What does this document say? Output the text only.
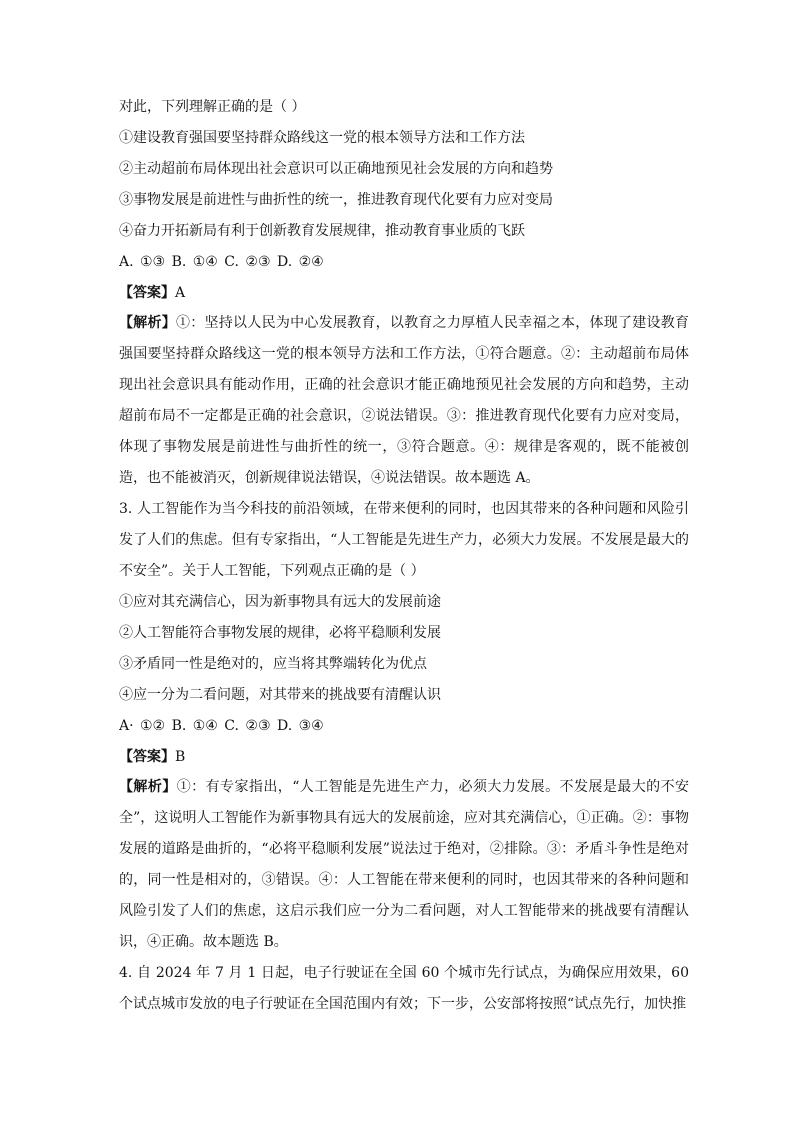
对此，下列理解正确的是（ ）
①建设教育强国要坚持群众路线这一党的根本领导方法和工作方法
②主动超前布局体现出社会意识可以正确地预见社会发展的方向和趋势
③事物发展是前进性与曲折性的统一，推进教育现代化要有力应对变局
④奋力开拓新局有利于创新教育发展规律，推动教育事业质的飞跃
A. ①③ B. ①④ C. ②③ D. ②④
【答案】A
【解析】①：坚持以人民为中心发展教育，以教育之力厚植人民幸福之本，体现了建设教育强国要坚持群众路线这一党的根本领导方法和工作方法，①符合题意。②：主动超前布局体现出社会意识具有能动作用，正确的社会意识才能正确地预见社会发展的方向和趋势，主动超前布局不一定都是正确的社会意识，②说法错误。③：推进教育现代化要有力应对变局，体现了事物发展是前进性与曲折性的统一，③符合题意。④：规律是客观的，既不能被创造，也不能被消灭，创新规律说法错误，④说法错误。故本题选 A。
3. 人工智能作为当今科技的前沿领域，在带来便利的同时，也因其带来的各种问题和风险引发了人们的焦虑。但有专家指出，“人工智能是先进生产力，必须大力发展。不发展是最大的不安全”。关于人工智能，下列观点正确的是（ ）
①应对其充满信心，因为新事物具有远大的发展前途
②人工智能符合事物发展的规律，必将平稳顺利发展
③矛盾同一性是绝对的，应当将其弊端转化为优点
④应一分为二看问题，对其带来的挑战要有清醒认识
A· ①② B. ①④ C. ②③ D. ③④
【答案】B
【解析】①：有专家指出，“人工智能是先进生产力，必须大力发展。不发展是最大的不安全”，这说明人工智能作为新事物具有远大的发展前途，应对其充满信心，①正确。②：事物发展的道路是曲折的，“必将平稳顺利发展”说法过于绝对，②排除。③：矛盾斗争性是绝对的，同一性是相对的，③错误。④：人工智能在带来便利的同时，也因其带来的各种问题和风险引发了人们的焦虑，这启示我们应一分为二看问题，对人工智能带来的挑战要有清醒认识，④正确。故本题选 B。
4. 自 2024 年 7 月 1 日起，电子行驶证在全国 60 个城市先行试点，为确保应用效果，60 个试点城市发放的电子行驶证在全国范围内有效；下一步，公安部将按照“试点先行，加快推
